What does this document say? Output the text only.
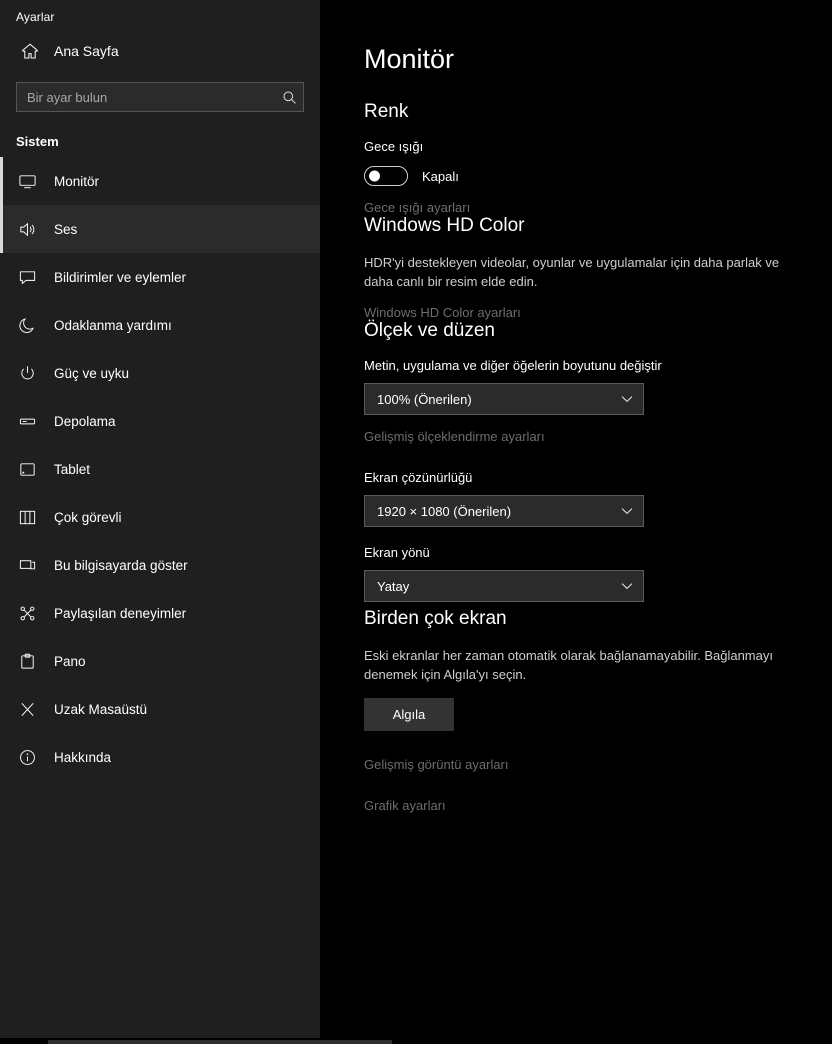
Ayarlar
Ana Sayfa
Bir ayar bulun
Sistem
Monitör
Ses
Bildirimler ve eylemler
Odaklanma yardımı
Güç ve uyku
Depolama
Tablet
Çok görevli
Bu bilgisayarda göster
Paylaşılan deneyimler
Pano
Uzak Masaüstü
Hakkında
Monitör
Renk
Gece ışığı
Kapalı
Gece ışığı ayarları
Windows HD Color

HDR'yi destekleyen videolar, oyunlar ve uygulamalar için daha parlak ve daha canlı bir resim elde edin.

Windows HD Color ayarları
Ölçek ve düzen
Metin, uygulama ve diğer öğelerin boyutunu değiştir
100% (Önerilen)
Gelişmiş ölçeklendirme ayarları
Ekran çözünürlüğü
1920 × 1080 (Önerilen)
Ekran yönü
Yatay
Birden çok ekran

Eski ekranlar her zaman otomatik olarak bağlanamayabilir. Bağlanmayı denemek için Algıla'yı seçin.

Algıla
Gelişmiş görüntü ayarları
Grafik ayarları
